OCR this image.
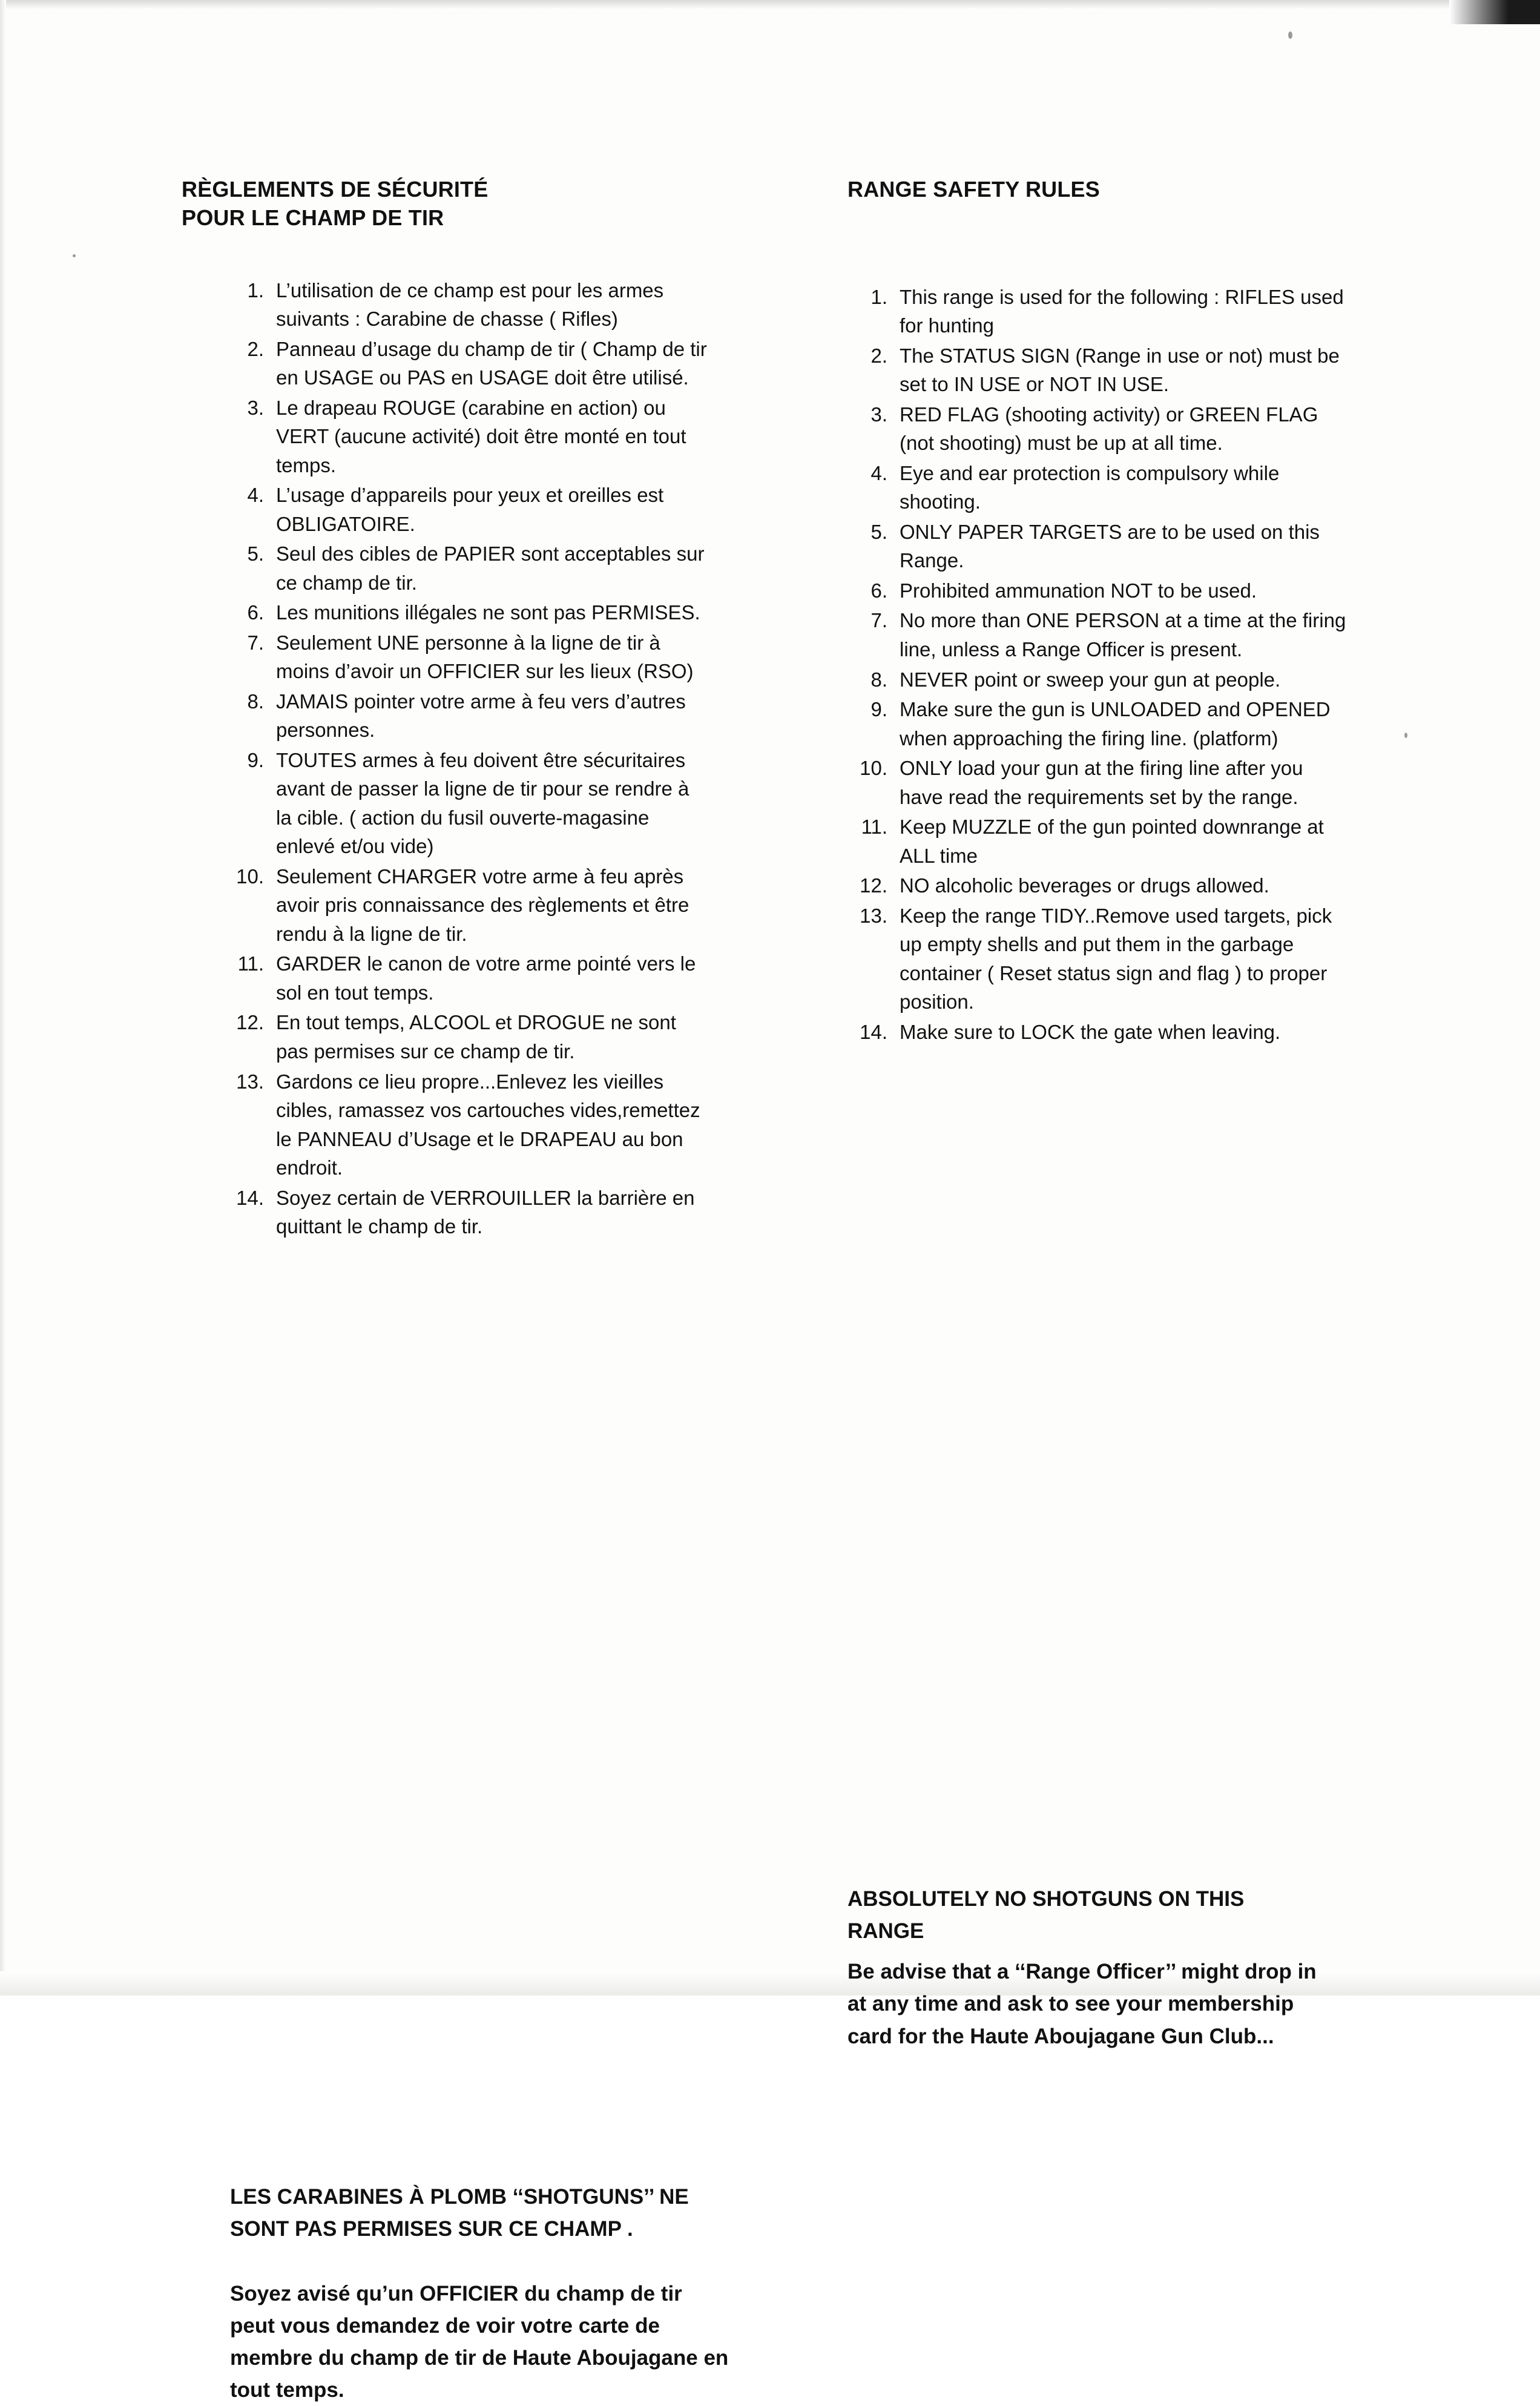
RÈGLEMENTS DE SÉCURITÉ
POUR LE CHAMP DE TIR
L’utilisation de ce champ est pour les armes suivants : Carabine de chasse ( Rifles)
Panneau d’usage du champ de tir ( Champ de tir en USAGE ou PAS en USAGE doit être utilisé.
Le drapeau ROUGE (carabine en action) ou VERT (aucune activité) doit être monté en tout temps.
L’usage d’appareils pour yeux et oreilles est OBLIGATOIRE.
Seul des cibles de PAPIER sont acceptables sur ce champ de tir.
Les munitions illégales ne sont pas PERMISES.
Seulement UNE personne à la ligne de tir à moins d’avoir un OFFICIER sur les lieux (RSO)
JAMAIS pointer votre arme à feu vers d’autres personnes.
TOUTES armes à feu doivent être sécuritaires avant de passer la ligne de tir pour se rendre à la cible. ( action du fusil ouverte-magasine enlevé et/ou vide)
Seulement CHARGER votre arme à feu après avoir pris connaissance des règlements et être rendu à la ligne de tir.
GARDER le canon de votre arme pointé vers le sol en tout temps.
En tout temps, ALCOOL et DROGUE ne sont pas permises sur ce champ de tir.
Gardons ce lieu propre...Enlevez les vieilles cibles, ramassez vos cartouches vides,remettez le PANNEAU d’Usage et le DRAPEAU au bon endroit.
Soyez certain de VERROUILLER la barrière en quittant le champ de tir.

LES CARABINES À PLOMB ‘‘SHOTGUNS’’ NE SONT PAS PERMISES SUR CE CHAMP .

Soyez avisé qu’un OFFICIER du champ de tir peut vous demandez de voir votre carte de membre du champ de tir de Haute Aboujagane en tout temps.

RANGE SAFETY RULES
This range is used for the following : RIFLES used for hunting
The STATUS SIGN (Range in use or not) must be set to IN USE or NOT IN USE.
RED FLAG (shooting activity) or GREEN FLAG (not shooting) must be up at all time.
Eye and ear protection is compulsory while shooting.
ONLY PAPER TARGETS are to be used on this Range.
Prohibited ammunation NOT to be used.
No more than ONE PERSON at a time at the firing line, unless a Range Officer is present.
NEVER point or sweep your gun at people.
Make sure the gun is UNLOADED and OPENED when approaching the firing line. (platform)
ONLY load your gun at the firing line after you have read the requirements set by the range.
Keep MUZZLE of the gun pointed downrange at ALL time
NO alcoholic beverages or drugs allowed.
Keep the range TIDY..Remove used targets, pick up empty shells and put them in the garbage container ( Reset status sign and flag ) to proper position.
Make sure to LOCK the gate when leaving.

ABSOLUTELY NO SHOTGUNS ON THIS RANGE

Be advise that a ‘‘Range Officer’’ might drop in at any time and ask to see your membership card for the Haute Aboujagane Gun Club...
